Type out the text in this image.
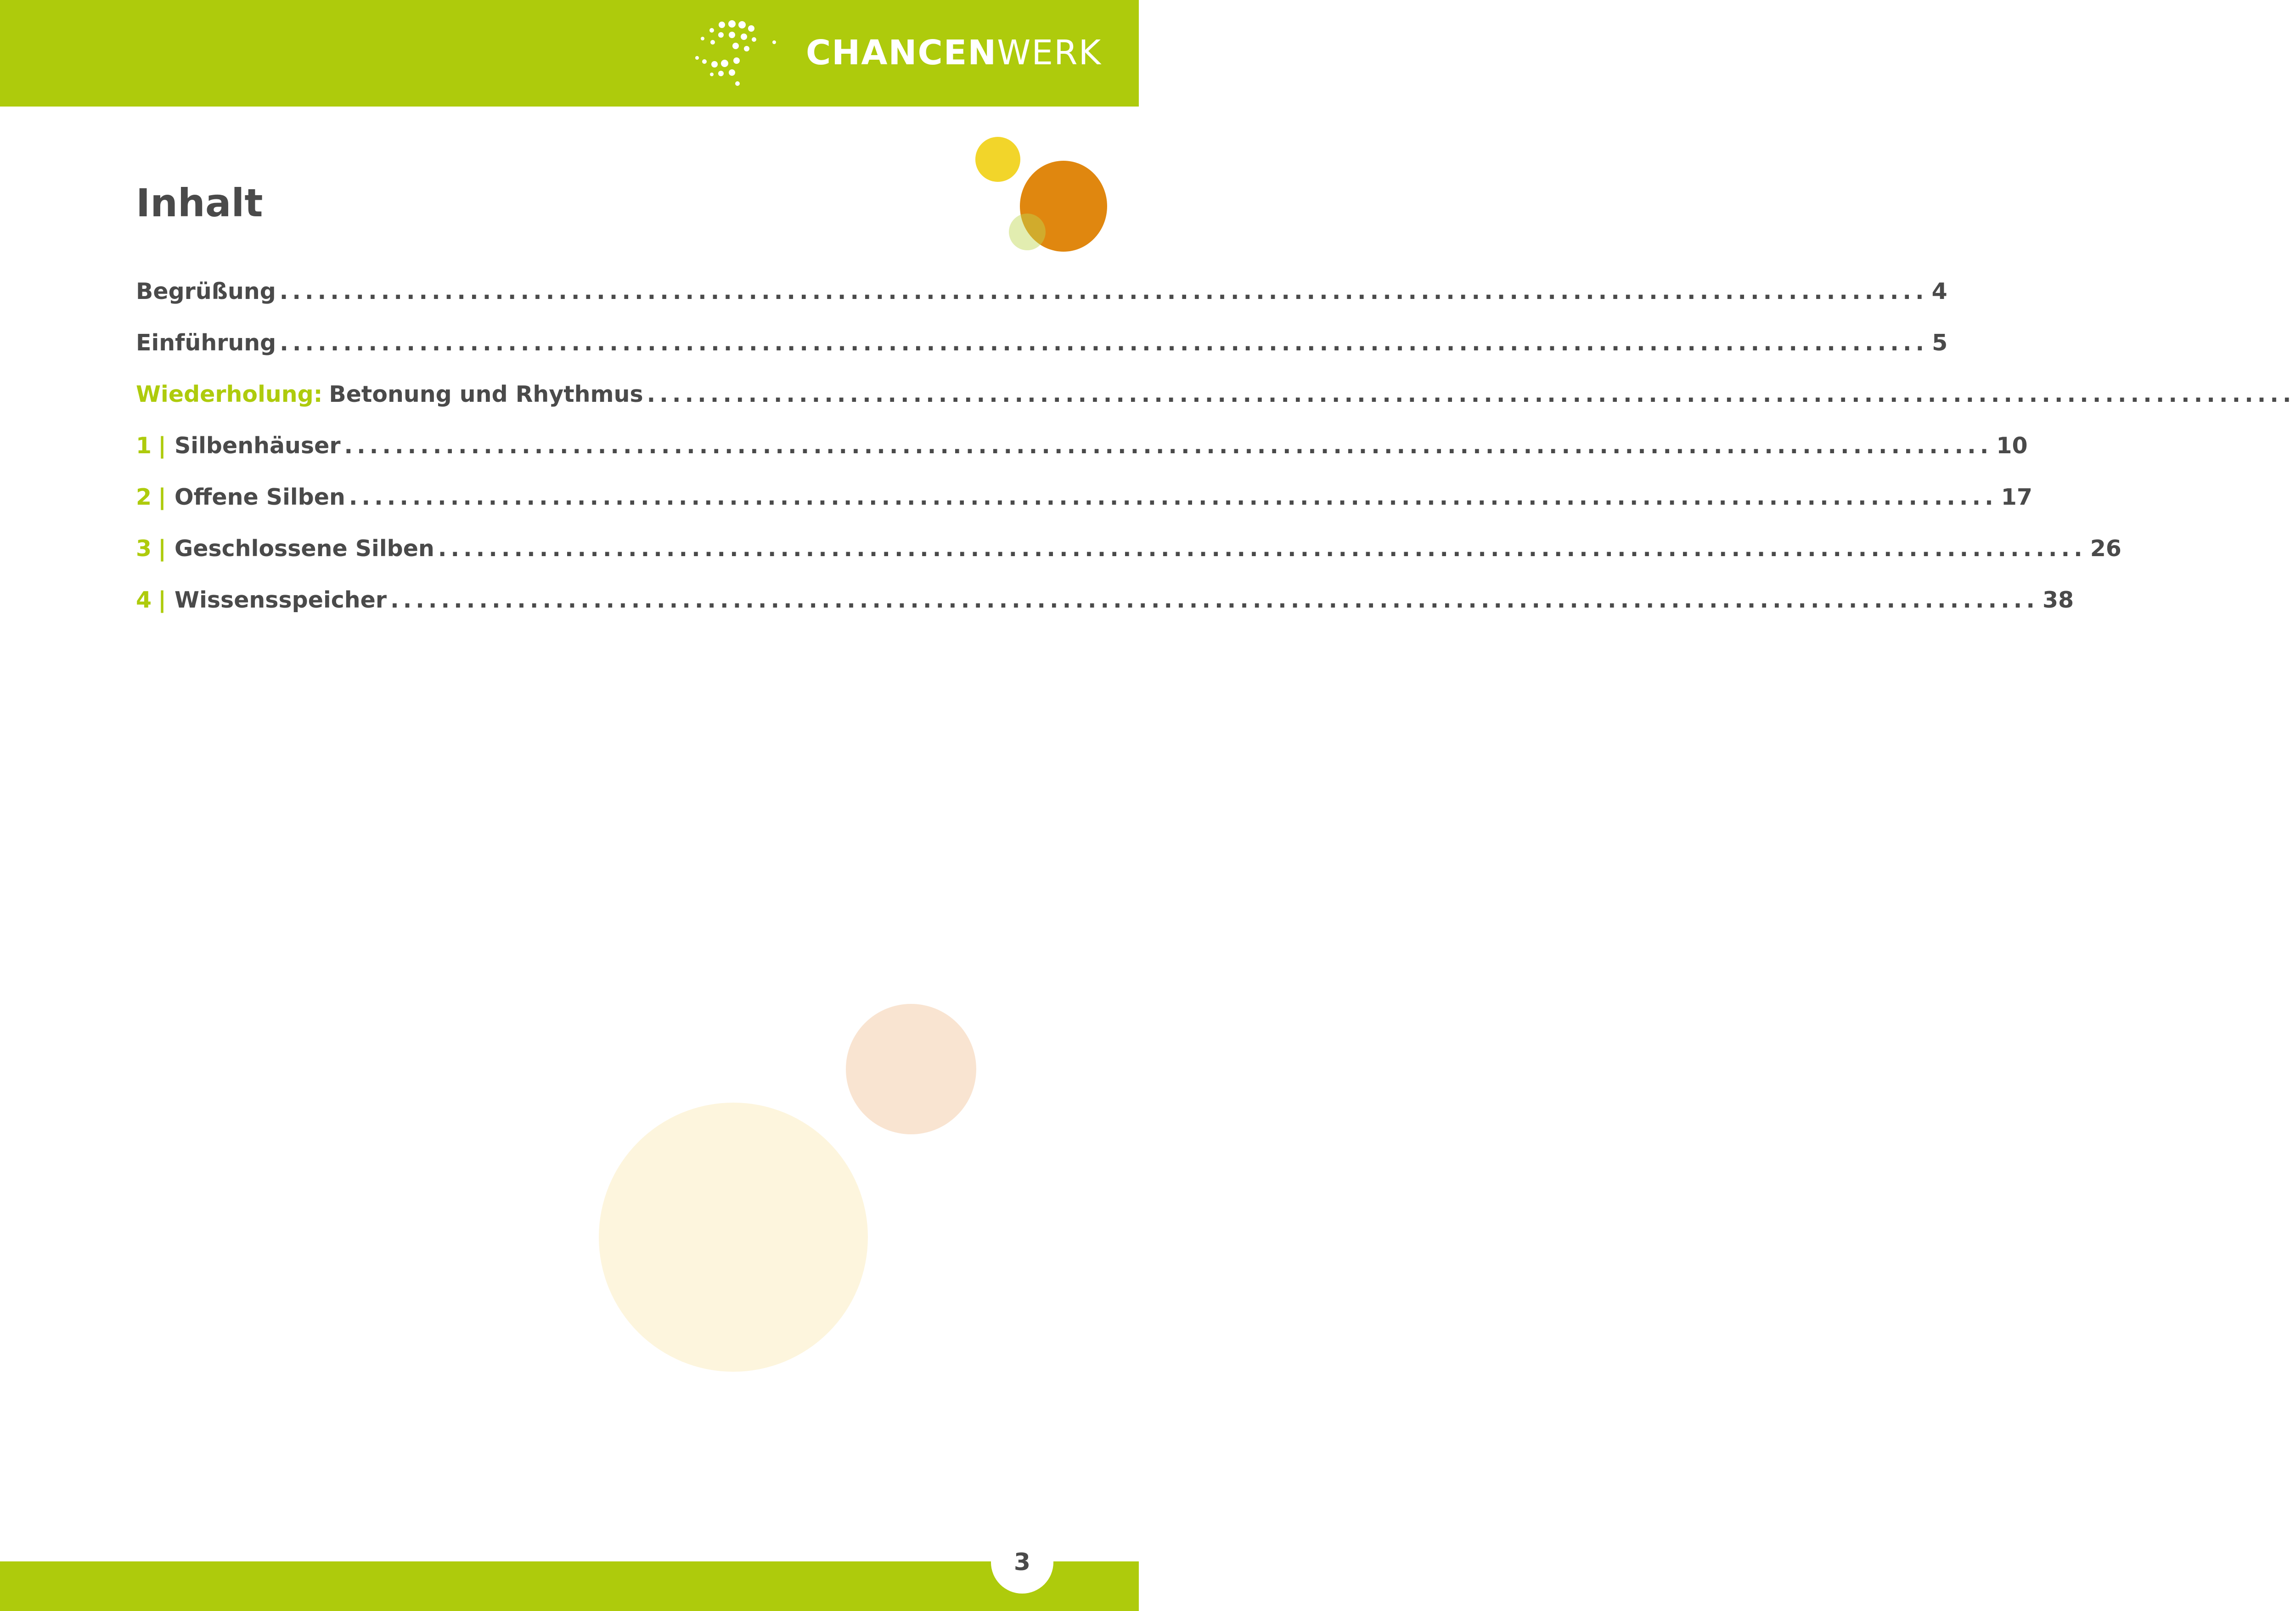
CHANCENWERK
Inhalt
Begrüßung .................................................................................................................................. 4
Einführung .................................................................................................................................. 5
Wiederholung: Betonung und Rhythmus ..................................................................................................................................
1 | Silbenhäuser .................................................................................................................................. 10
2 | Offene Silben .................................................................................................................................. 17
3 | Geschlossene Silben .................................................................................................................................. 26
4 | Wissensspeicher .................................................................................................................................. 38
3
